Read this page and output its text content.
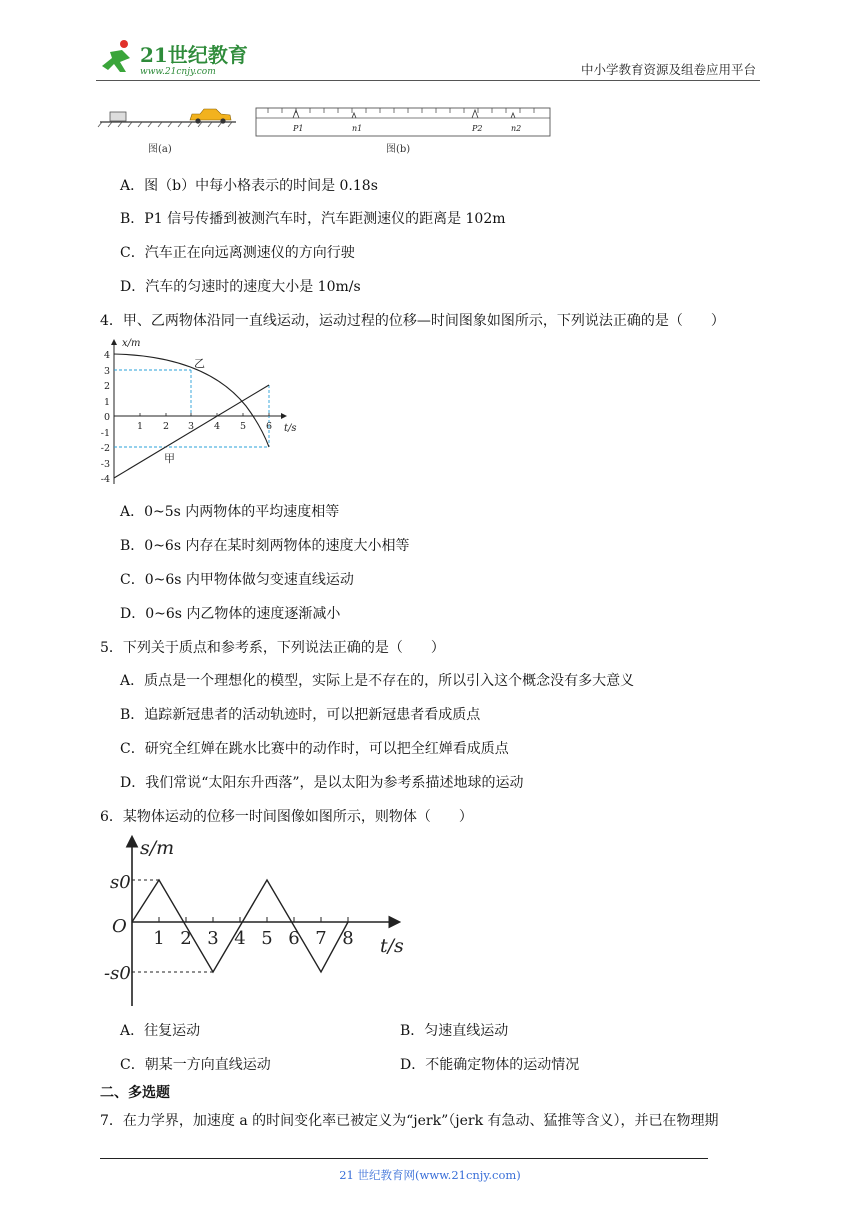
21世纪教育
www.21cnjy.com	中小学教育资源及组卷应用平台
图(a)
P1	n1	P2	n2
图(b)
A．图（b）中每小格表示的时间是 0.18s
B．P1 信号传播到被测汽车时，汽车距测速仪的距离是 102m
C．汽车正在向远离测速仪的方向行驶
D．汽车的匀速时的速度大小是 10m/s
4．甲、乙两物体沿同一直线运动，运动过程的位移—时间图象如图所示，下列说法正确的是（　　）
x/m
t/s
1 2 3 4 5 6
4
3
2
1
0
-1
-2
-3
-4
乙
甲
A．0~5s 内两物体的平均速度相等
B．0~6s 内存在某时刻两物体的速度大小相等
C．0~6s 内甲物体做匀变速直线运动
D．0~6s 内乙物体的速度逐渐减小
5．下列关于质点和参考系，下列说法正确的是（　　）
A．质点是一个理想化的模型，实际上是不存在的，所以引入这个概念没有多大意义
B．追踪新冠患者的活动轨迹时，可以把新冠患者看成质点
C．研究全红婵在跳水比赛中的动作时，可以把全红婵看成质点
D．我们常说“太阳东升西落”，是以太阳为参考系描述地球的运动
6．某物体运动的位移一时间图像如图所示，则物体（　　）
s/m
t/s
O
s0
-s0
1 2 3 4 5 6 7 8
A．往复运动	B．匀速直线运动
C．朝某一方向直线运动	D．不能确定物体的运动情况
二、多选题
7．在力学界，加速度 a 的时间变化率已被定义为“jerk”（jerk 有急动、猛推等含义），并已在物理期
21 世纪教育网(www.21cnjy.com)
